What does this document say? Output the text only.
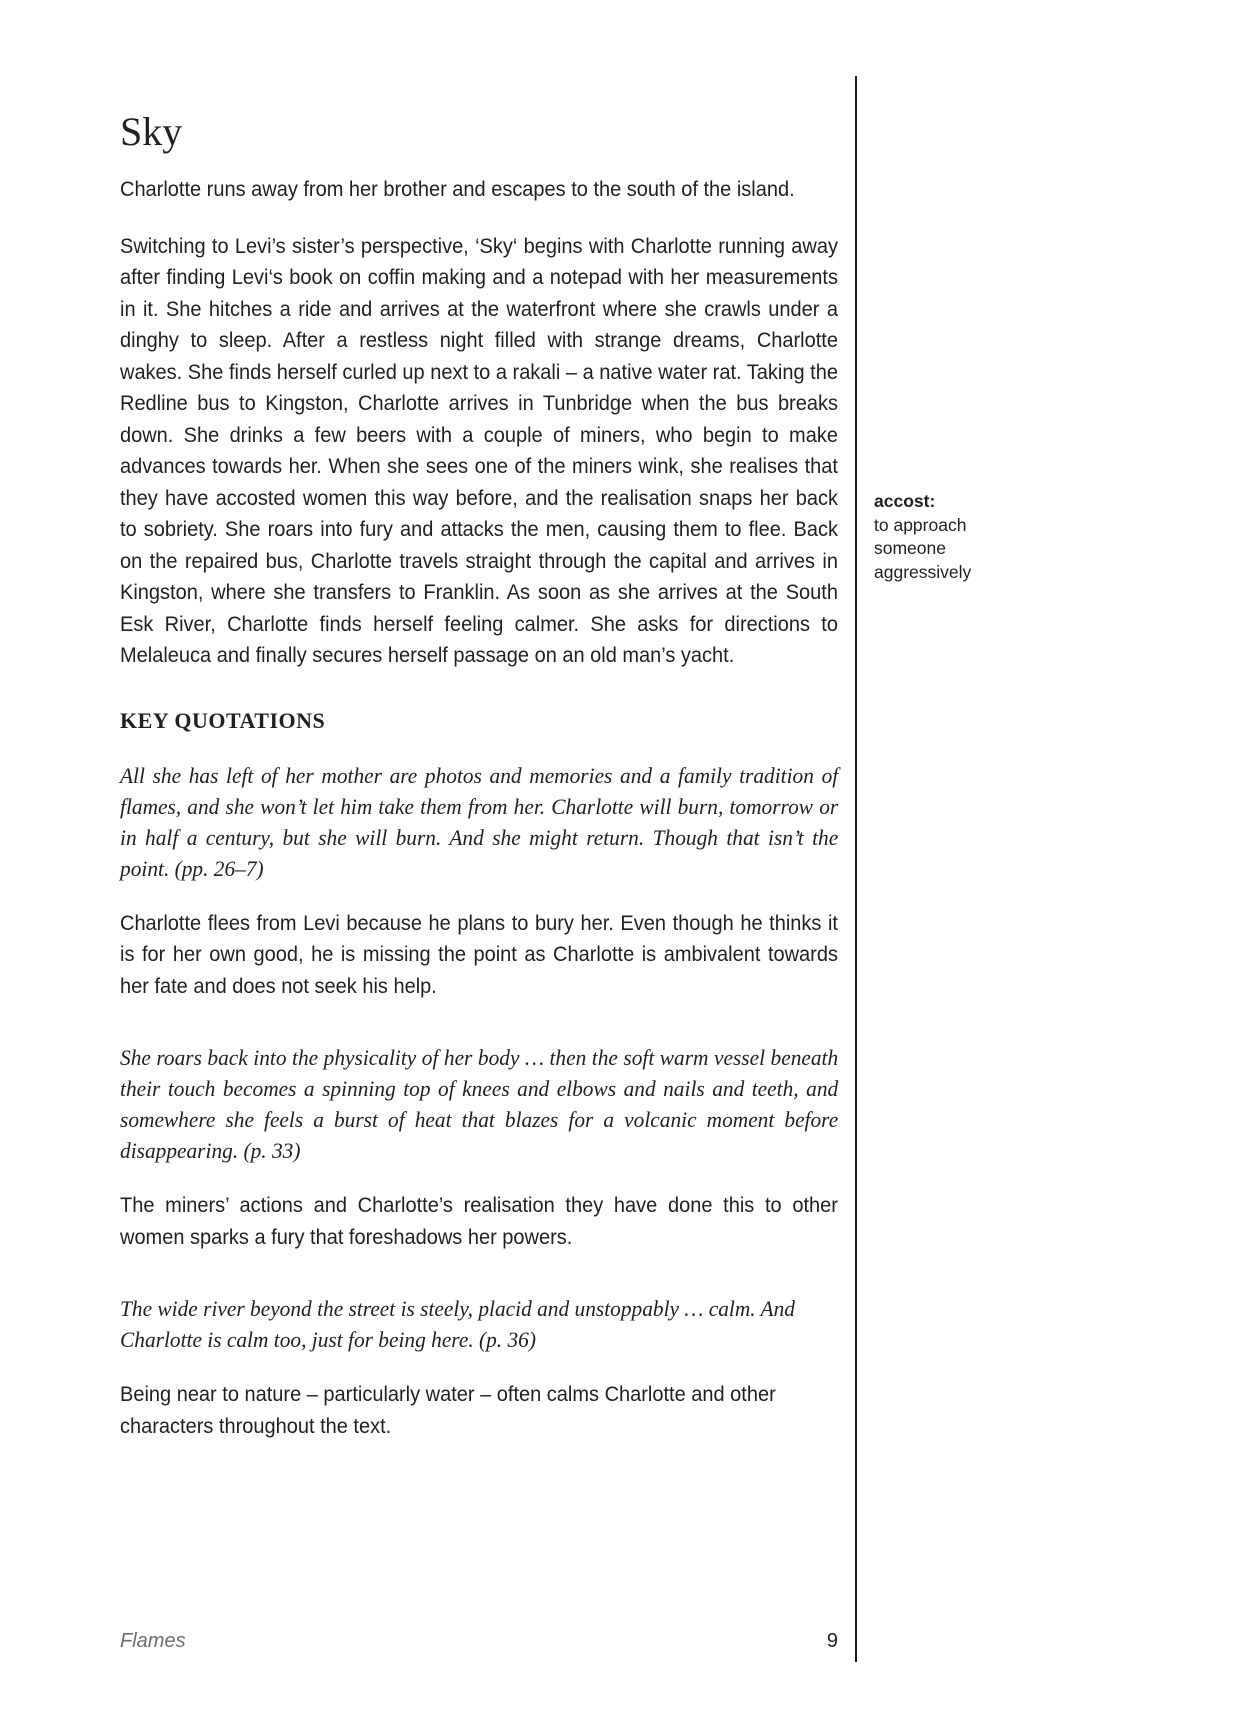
Sky

Charlotte runs away from her brother and escapes to the south of the island.

Switching to Levi’s sister’s perspective, ‘Sky‘ begins with Charlotte running away after finding Levi‘s book on coffin making and a notepad with her measurements in it. She hitches a ride and arrives at the waterfront where she crawls under a dinghy to sleep. After a restless night filled with strange dreams, Charlotte wakes. She finds herself curled up next to a rakali – a native water rat. Taking the Redline bus to Kingston, Charlotte arrives in Tunbridge when the bus breaks down. She drinks a few beers with a couple of miners, who begin to make advances towards her. When she sees one of the miners wink, she realises that they have accosted women this way before, and the realisation snaps her back to sobriety. She roars into fury and attacks the men, causing them to flee. Back on the repaired bus, Charlotte travels straight through the capital and arrives in Kingston, where she transfers to Franklin. As soon as she arrives at the South Esk River, Charlotte finds herself feeling calmer. She asks for directions to Melaleuca and finally secures herself passage on an old man’s yacht.

KEY QUOTATIONS

All she has left of her mother are photos and memories and a family tradition of flames, and she won’t let him take them from her. Charlotte will burn, tomorrow or in half a century, but she will burn. And she might return. Though that isn’t the point. (pp. 26–7)

Charlotte flees from Levi because he plans to bury her. Even though he thinks it is for her own good, he is missing the point as Charlotte is ambivalent towards her fate and does not seek his help.

She roars back into the physicality of her body … then the soft warm vessel beneath their touch becomes a spinning top of knees and elbows and nails and teeth, and somewhere she feels a burst of heat that blazes for a volcanic moment before disappearing. (p. 33)

The miners’ actions and Charlotte’s realisation they have done this to other women sparks a fury that foreshadows her powers.

The wide river beyond the street is steely, placid and unstoppably … calm. And Charlotte is calm too, just for being here. (p. 36)

Being near to nature – particularly water – often calms Charlotte and other characters throughout the text.

accost:
to approach someone aggressively
Flames	9
